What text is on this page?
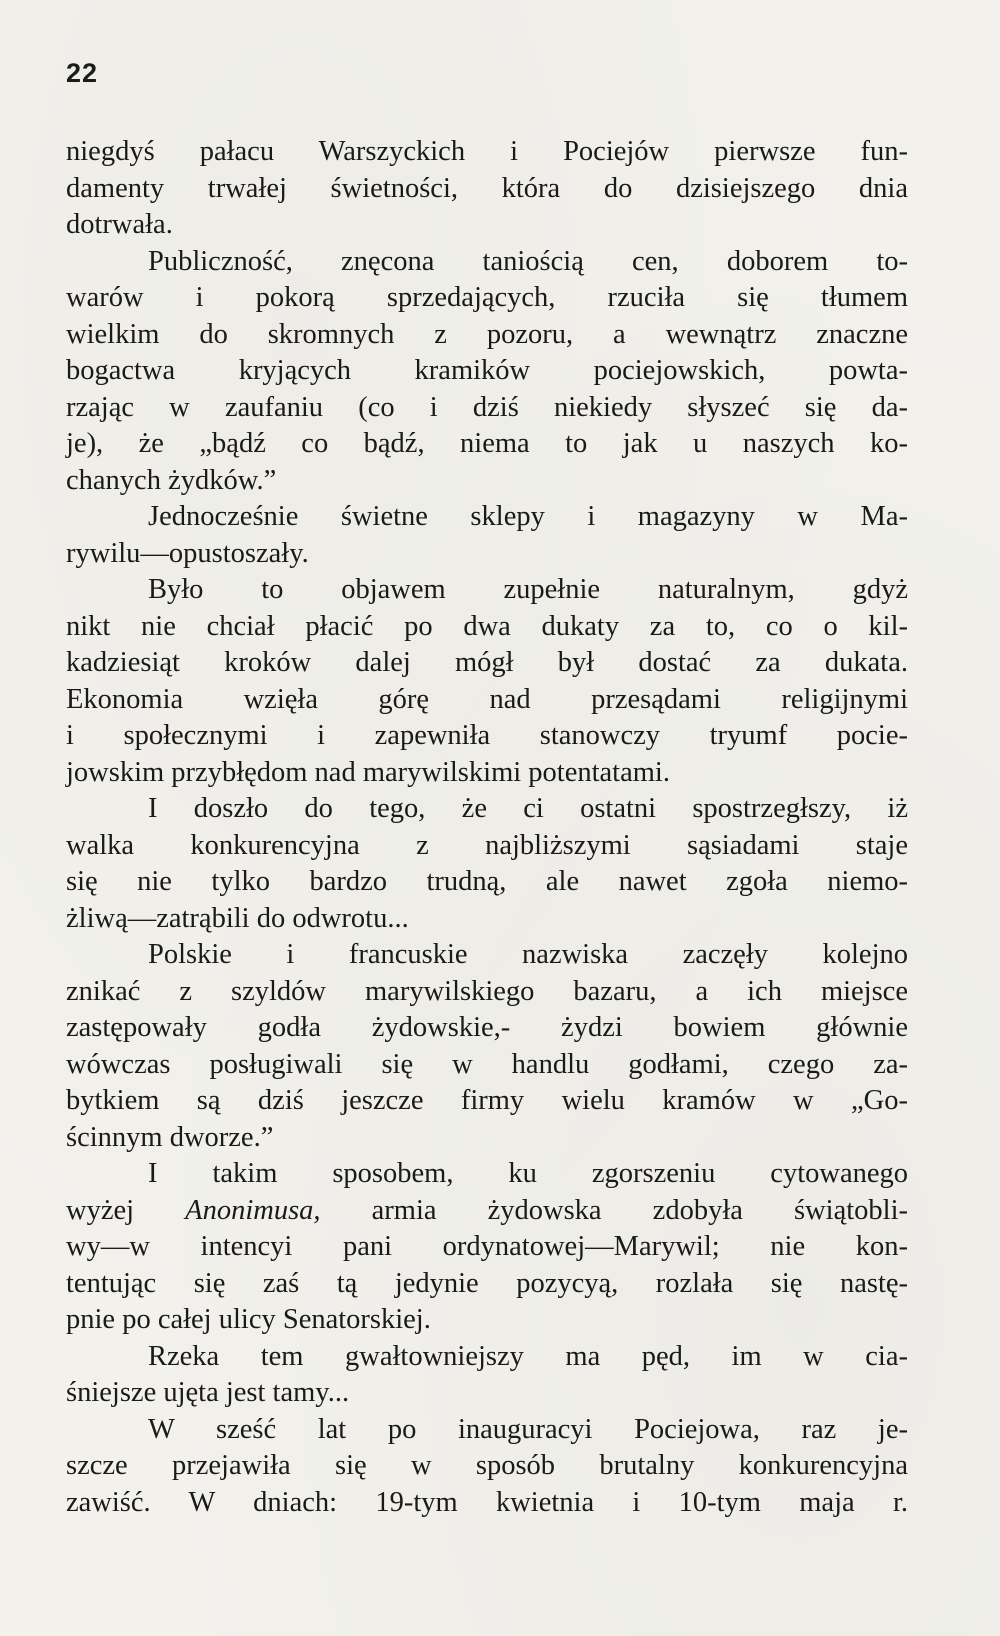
22
niegdyś pałacu Warszyckich i Pociejów pierwsze fun-
damenty trwałej świetności, która do dzisiejszego dnia
dotrwała.
Publiczność, znęcona taniością cen, doborem to-
warów i pokorą sprzedających, rzuciła się tłumem
wielkim do skromnych z pozoru, a wewnątrz znaczne
bogactwa kryjących kramików pociejowskich, powta-
rzając w zaufaniu (co i dziś niekiedy słyszeć się da-
je), że „bądź co bądź, niema to jak u naszych ko-
chanych żydków.”
Jednocześnie świetne sklepy i magazyny w Ma-
rywilu—opustoszały.
Było to objawem zupełnie naturalnym, gdyż
nikt nie chciał płacić po dwa dukaty za to, co o kil-
kadziesiąt kroków dalej mógł był dostać za dukata.
Ekonomia wzięła górę nad przesądami religijnymi
i społecznymi i zapewniła stanowczy tryumf pocie-
jowskim przybłędom nad marywilskimi potentatami.
I doszło do tego, że ci ostatni spostrzegłszy, iż
walka konkurencyjna z najbliższymi sąsiadami staje
się nie tylko bardzo trudną, ale nawet zgoła niemo-
żliwą—zatrąbili do odwrotu...
Polskie i francuskie nazwiska zaczęły kolejno
znikać z szyldów marywilskiego bazaru, a ich miejsce
zastępowały godła żydowskie,- żydzi bowiem głównie
wówczas posługiwali się w handlu godłami, czego za-
bytkiem są dziś jeszcze firmy wielu kramów w „Go-
ścinnym dworze.”
I takim sposobem, ku zgorszeniu cytowanego
wyżej Anonimusa, armia żydowska zdobyła świątobli-
wy—w intencyi pani ordynatowej—Marywil; nie kon-
tentując się zaś tą jedynie pozycyą, rozlała się nastę-
pnie po całej ulicy Senatorskiej.
Rzeka tem gwałtowniejszy ma pęd, im w cia-
śniejsze ujęta jest tamy...
W sześć lat po inauguracyi Pociejowa, raz je-
szcze przejawiła się w sposób brutalny konkurencyjna
zawiść. W dniach: 19-tym kwietnia i 10-tym maja r.
